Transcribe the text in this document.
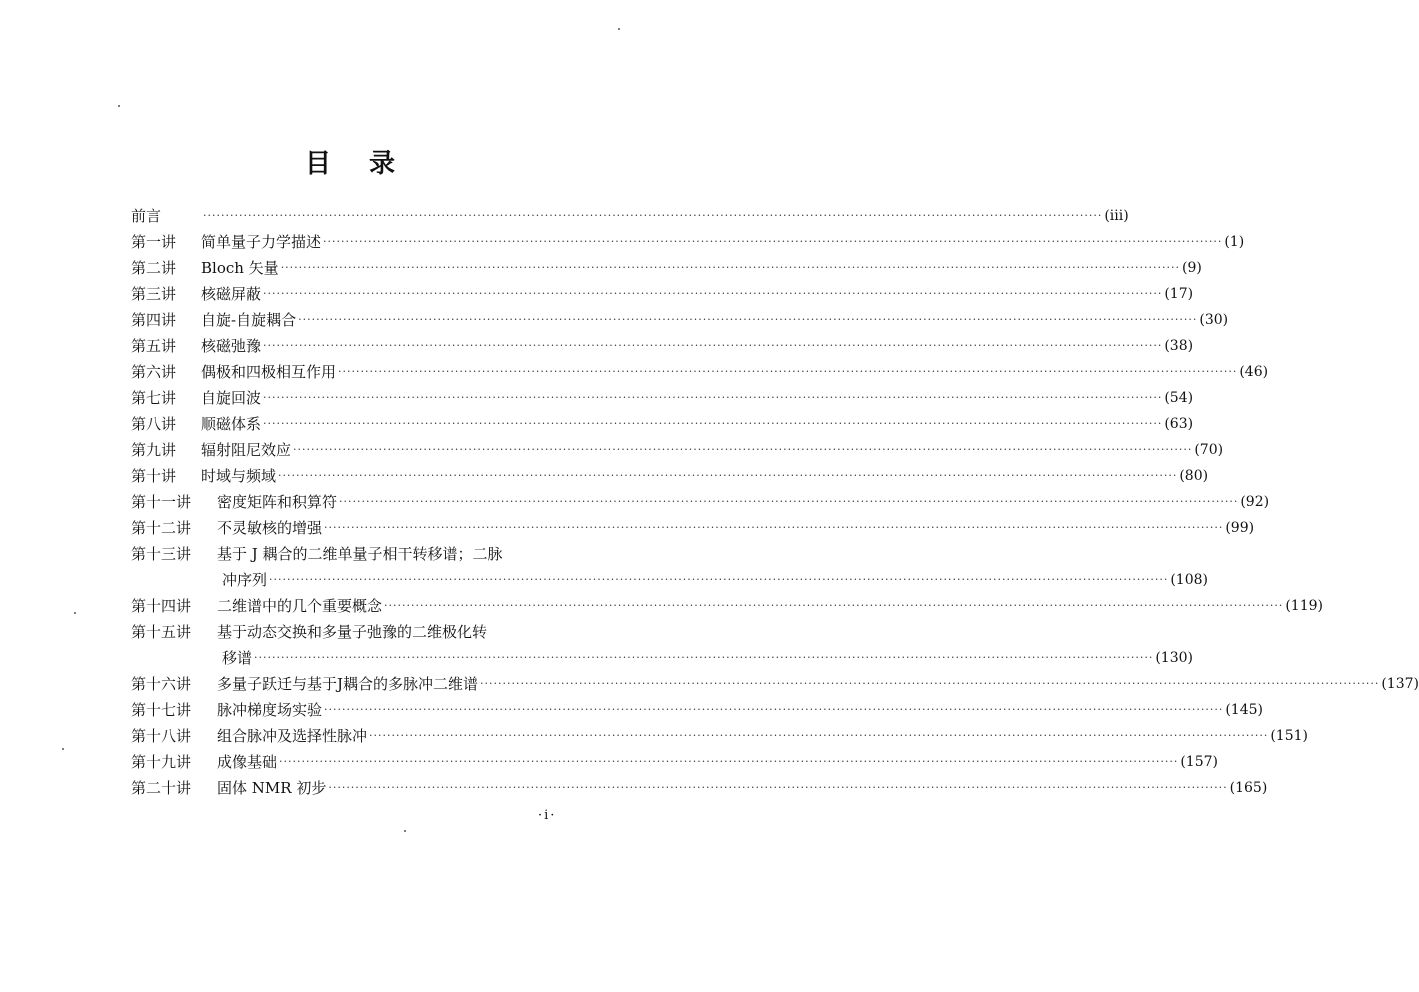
目录
前言	········································································································································································································ (iii)
第一讲	简单量子力学描述 ········································································································································································································ (1)
第二讲	Bloch 矢量 ········································································································································································································ (9)
第三讲	核磁屏蔽 ········································································································································································································ (17)
第四讲	自旋-自旋耦合 ········································································································································································································ (30)
第五讲	核磁弛豫 ········································································································································································································ (38)
第六讲	偶极和四极相互作用 ········································································································································································································ (46)
第七讲	自旋回波 ········································································································································································································ (54)
第八讲	顺磁体系 ········································································································································································································ (63)
第九讲	辐射阻尼效应 ········································································································································································································ (70)
第十讲	时域与频域 ········································································································································································································ (80)
第十一讲	密度矩阵和积算符 ········································································································································································································ (92)
第十二讲	不灵敏核的增强 ········································································································································································································ (99)
第十三讲	基于 J 耦合的二维单量子相干转移谱；二脉
冲序列 ········································································································································································································ (108)
第十四讲	二维谱中的几个重要概念 ········································································································································································································ (119)
第十五讲	基于动态交换和多量子弛豫的二维极化转
移谱 ········································································································································································································ (130)
第十六讲	多量子跃迁与基于J耦合的多脉冲二维谱 ········································································································································································································ (137)
第十七讲	脉冲梯度场实验 ········································································································································································································ (145)
第十八讲	组合脉冲及选择性脉冲 ········································································································································································································ (151)
第十九讲	成像基础 ········································································································································································································ (157)
第二十讲	固体 NMR 初步 ········································································································································································································ (165)
·i·
